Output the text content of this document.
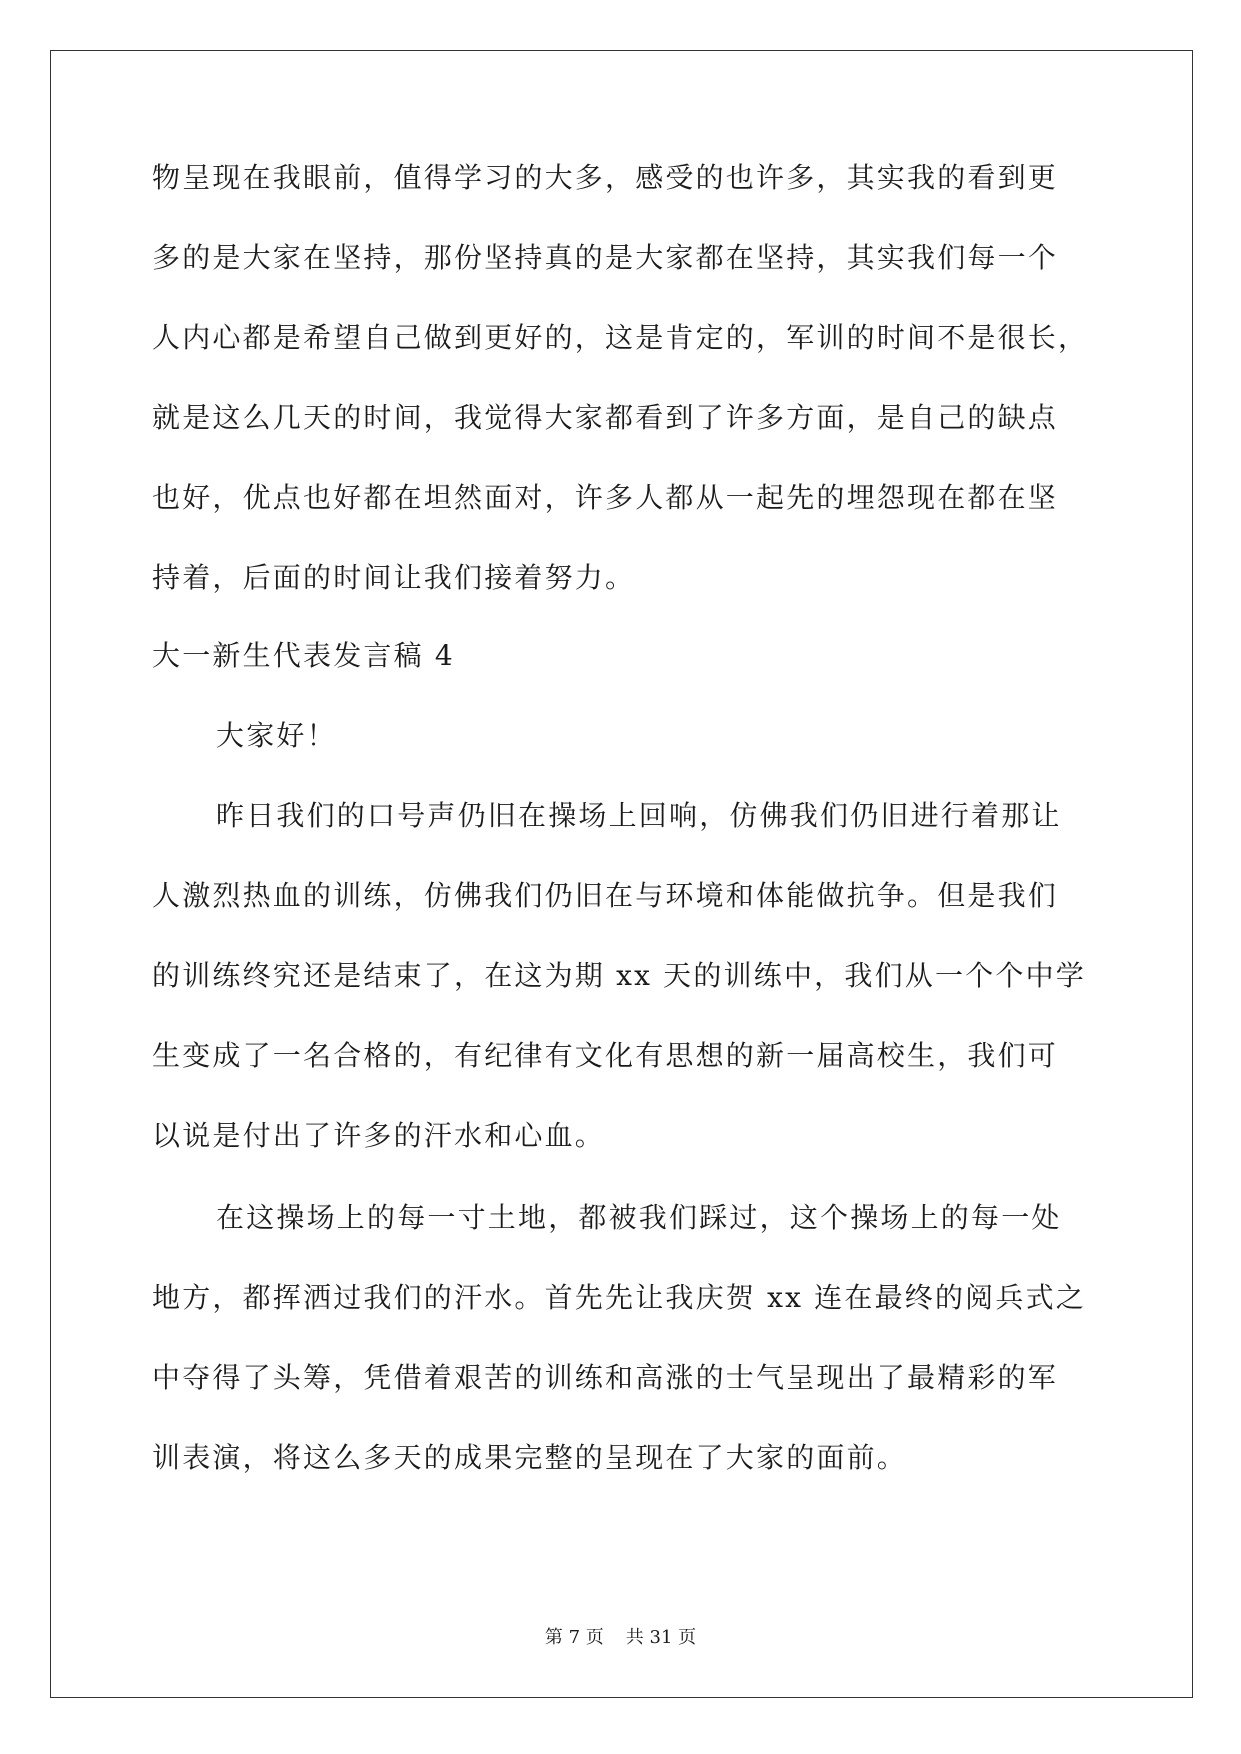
物呈现在我眼前，值得学习的大多，感受的也许多，其实我的看到更
多的是大家在坚持，那份坚持真的是大家都在坚持，其实我们每一个
人内心都是希望自己做到更好的，这是肯定的，军训的时间不是很长，
就是这么几天的时间，我觉得大家都看到了许多方面，是自己的缺点
也好，优点也好都在坦然面对，许多人都从一起先的埋怨现在都在坚
持着，后面的时间让我们接着努力。
大一新生代表发言稿 4
大家好！
昨日我们的口号声仍旧在操场上回响，仿佛我们仍旧进行着那让
人激烈热血的训练，仿佛我们仍旧在与环境和体能做抗争。但是我们
的训练终究还是结束了，在这为期 xx 天的训练中，我们从一个个中学
生变成了一名合格的，有纪律有文化有思想的新一届高校生，我们可
以说是付出了许多的汗水和心血。
在这操场上的每一寸土地，都被我们踩过，这个操场上的每一处
地方，都挥洒过我们的汗水。首先先让我庆贺 xx 连在最终的阅兵式之
中夺得了头筹，凭借着艰苦的训练和高涨的士气呈现出了最精彩的军
训表演，将这么多天的成果完整的呈现在了大家的面前。
第 7 页 共 31 页
